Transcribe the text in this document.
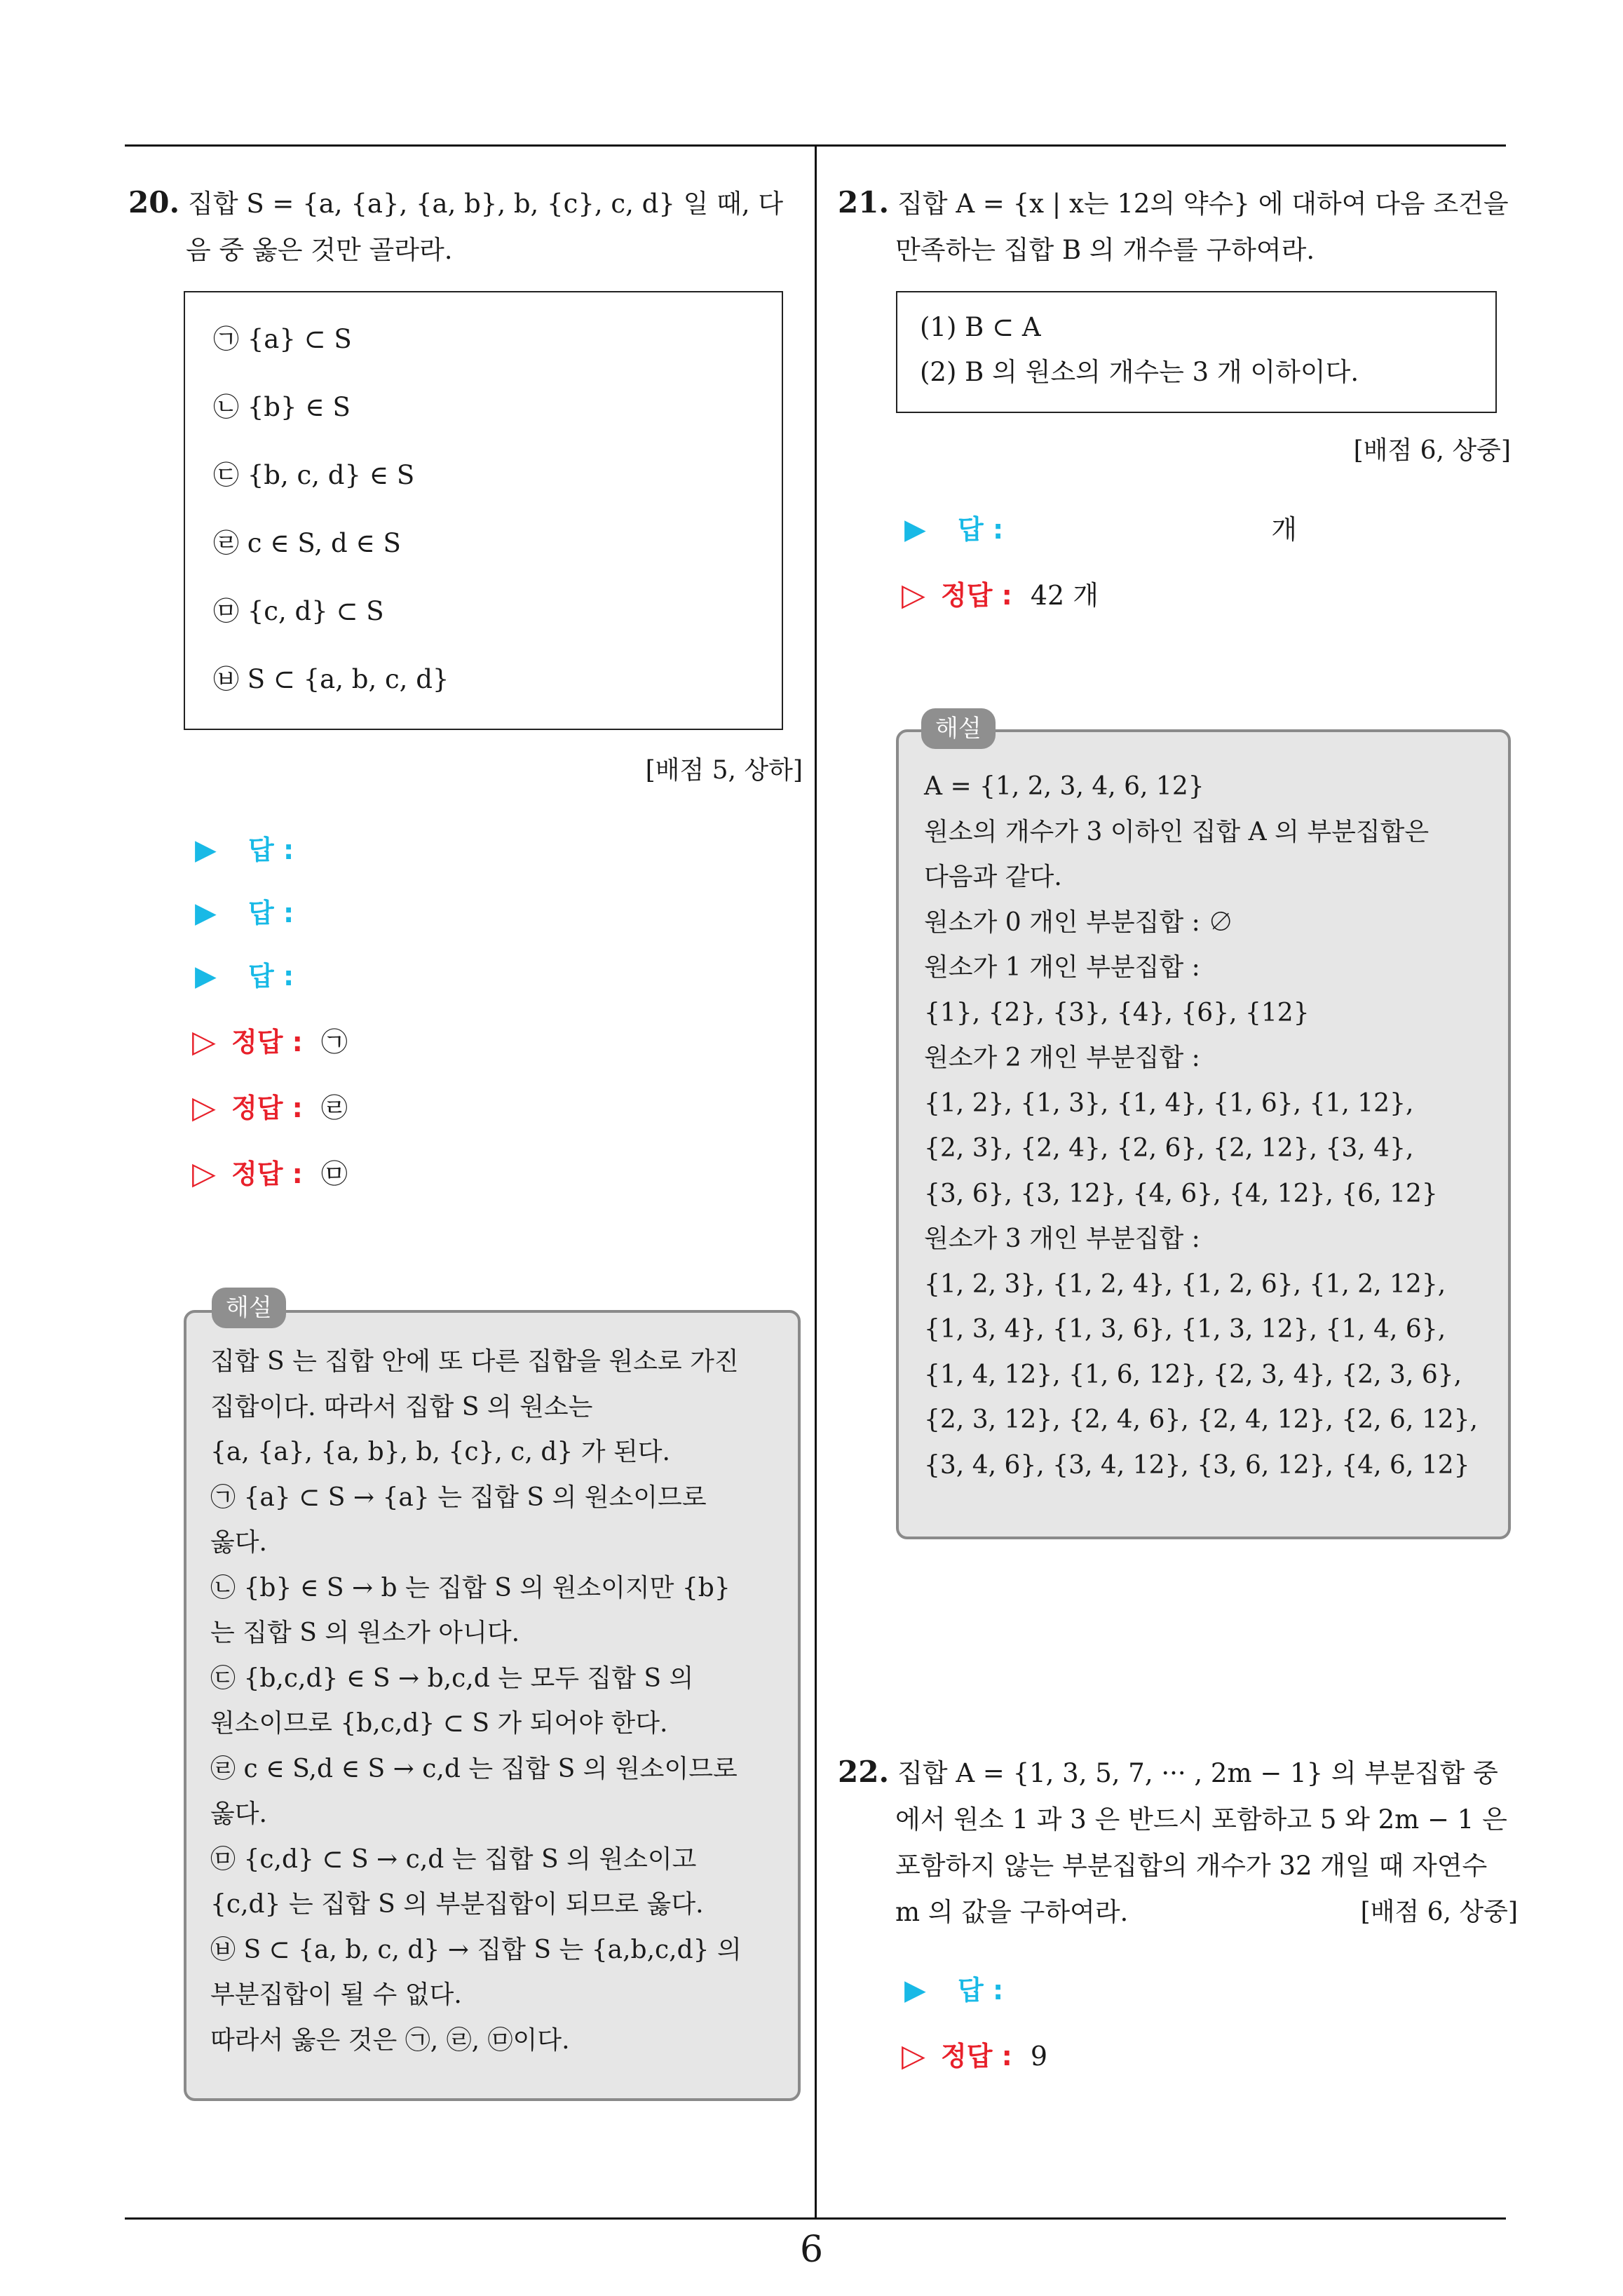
20. 집합 S = {a, {a}, {a, b}, b, {c}, c, d} 일 때, 다
음 중 옳은 것만 골라라.
㉠ {a} ⊂ S
㉡ {b} ∈ S
㉢ {b, c, d} ∈ S
㉣ c ∈ S, d ∈ S
㉤ {c, d} ⊂ S
㉥ S ⊂ {a, b, c, d}
[배점 5, 상하]
▶	답 :
▶	답 :
▶	답 :
▷ 정답 : ㉠
▷ 정답 : ㉣
▷ 정답 : ㉤
집합 S 는 집합 안에 또 다른 집합을 원소로 가진
집합이다. 따라서 집합 S 의 원소는
{a, {a}, {a, b}, b, {c}, c, d} 가 된다.
㉠ {a} ⊂ S → {a} 는 집합 S 의 원소이므로
옳다.
㉡ {b} ∈ S → b 는 집합 S 의 원소이지만 {b}
는 집합 S 의 원소가 아니다.
㉢ {b,c,d} ∈ S → b,c,d 는 모두 집합 S 의
원소이므로 {b,c,d} ⊂ S 가 되어야 한다.
㉣ c ∈ S,d ∈ S → c,d 는 집합 S 의 원소이므로
옳다.
㉤ {c,d} ⊂ S → c,d 는 집합 S 의 원소이고
{c,d} 는 집합 S 의 부분집합이 되므로 옳다.
㉥ S ⊂ {a, b, c, d} → 집합 S 는 {a,b,c,d} 의
부분집합이 될 수 없다.
따라서 옳은 것은 ㉠, ㉣, ㉤이다.
해설
21. 집합 A = {x | x는 12의 약수} 에 대하여 다음 조건을
만족하는 집합 B 의 개수를 구하여라.
(1) B ⊂ A
(2) B 의 원소의 개수는 3 개 이하이다.
[배점 6, 상중]
▶	답 :	개
▷ 정답 : 42 개
A = {1, 2, 3, 4, 6, 12}
원소의 개수가 3 이하인 집합 A 의 부분집합은
다음과 같다.
원소가 0 개인 부분집합 : ∅
원소가 1 개인 부분집합 :
{1}, {2}, {3}, {4}, {6}, {12}
원소가 2 개인 부분집합 :
{1, 2}, {1, 3}, {1, 4}, {1, 6}, {1, 12},
{2, 3}, {2, 4}, {2, 6}, {2, 12}, {3, 4},
{3, 6}, {3, 12}, {4, 6}, {4, 12}, {6, 12}
원소가 3 개인 부분집합 :
{1, 2, 3}, {1, 2, 4}, {1, 2, 6}, {1, 2, 12},
{1, 3, 4}, {1, 3, 6}, {1, 3, 12}, {1, 4, 6},
{1, 4, 12}, {1, 6, 12}, {2, 3, 4}, {2, 3, 6},
{2, 3, 12}, {2, 4, 6}, {2, 4, 12}, {2, 6, 12},
{3, 4, 6}, {3, 4, 12}, {3, 6, 12}, {4, 6, 12}
해설
22. 집합 A = {1, 3, 5, 7, ··· , 2m − 1} 의 부분집합 중
에서 원소 1 과 3 은 반드시 포함하고 5 와 2m − 1 은
포함하지 않는 부분집합의 개수가 32 개일 때 자연수
m 의 값을 구하여라.	[배점 6, 상중]
▶	답 :
▷ 정답 : 9
6
